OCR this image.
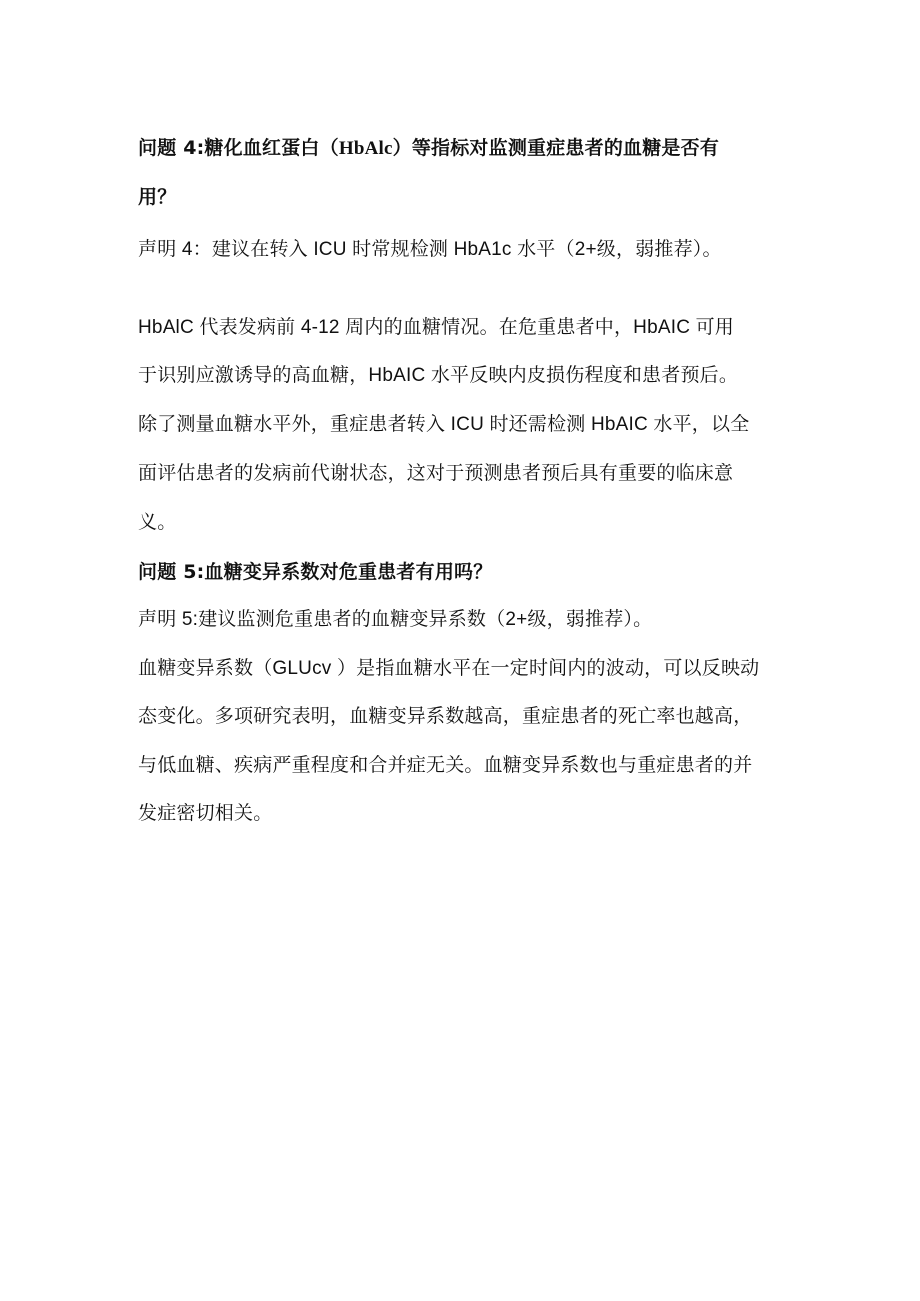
问题 4:糖化血红蛋白（HbAlc）等指标对监测重症患者的血糖是否有

用？

声明 4：建议在转入 ICU 时常规检测 HbA1c 水平（2+级，弱推荐）。

HbAlC 代表发病前 4-12 周内的血糖情况。在危重患者中，HbAIC 可用

于识别应激诱导的高血糖，HbAIC 水平反映内皮损伤程度和患者预后。

除了测量血糖水平外，重症患者转入 ICU 时还需检测 HbAIC 水平，以全

面评估患者的发病前代谢状态，这对于预测患者预后具有重要的临床意

义。

问题 5:血糖变异系数对危重患者有用吗？

声明 5:建议监测危重患者的血糖变异系数（2+级，弱推荐）。

血糖变异系数（GLUcv ）是指血糖水平在一定时间内的波动，可以反映动

态变化。多项研究表明，血糖变异系数越高，重症患者的死亡率也越高，

与低血糖、疾病严重程度和合并症无关。血糖变异系数也与重症患者的并

发症密切相关。
